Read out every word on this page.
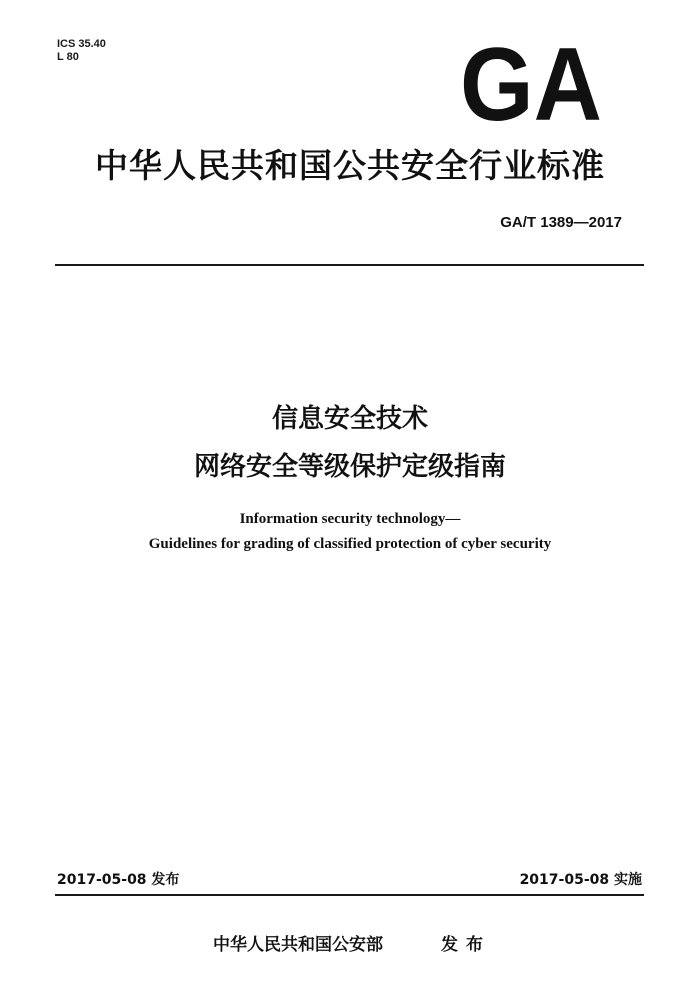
ICS 35.40
L 80	GA
中华人民共和国公共安全行业标准
GA/T 1389—2017
信息安全技术
网络安全等级保护定级指南
Information security technology—
Guidelines for grading of classified protection of cyber security
2017-05-08 发布	2017-05-08 实施
中华人民共和国公安部	发布
